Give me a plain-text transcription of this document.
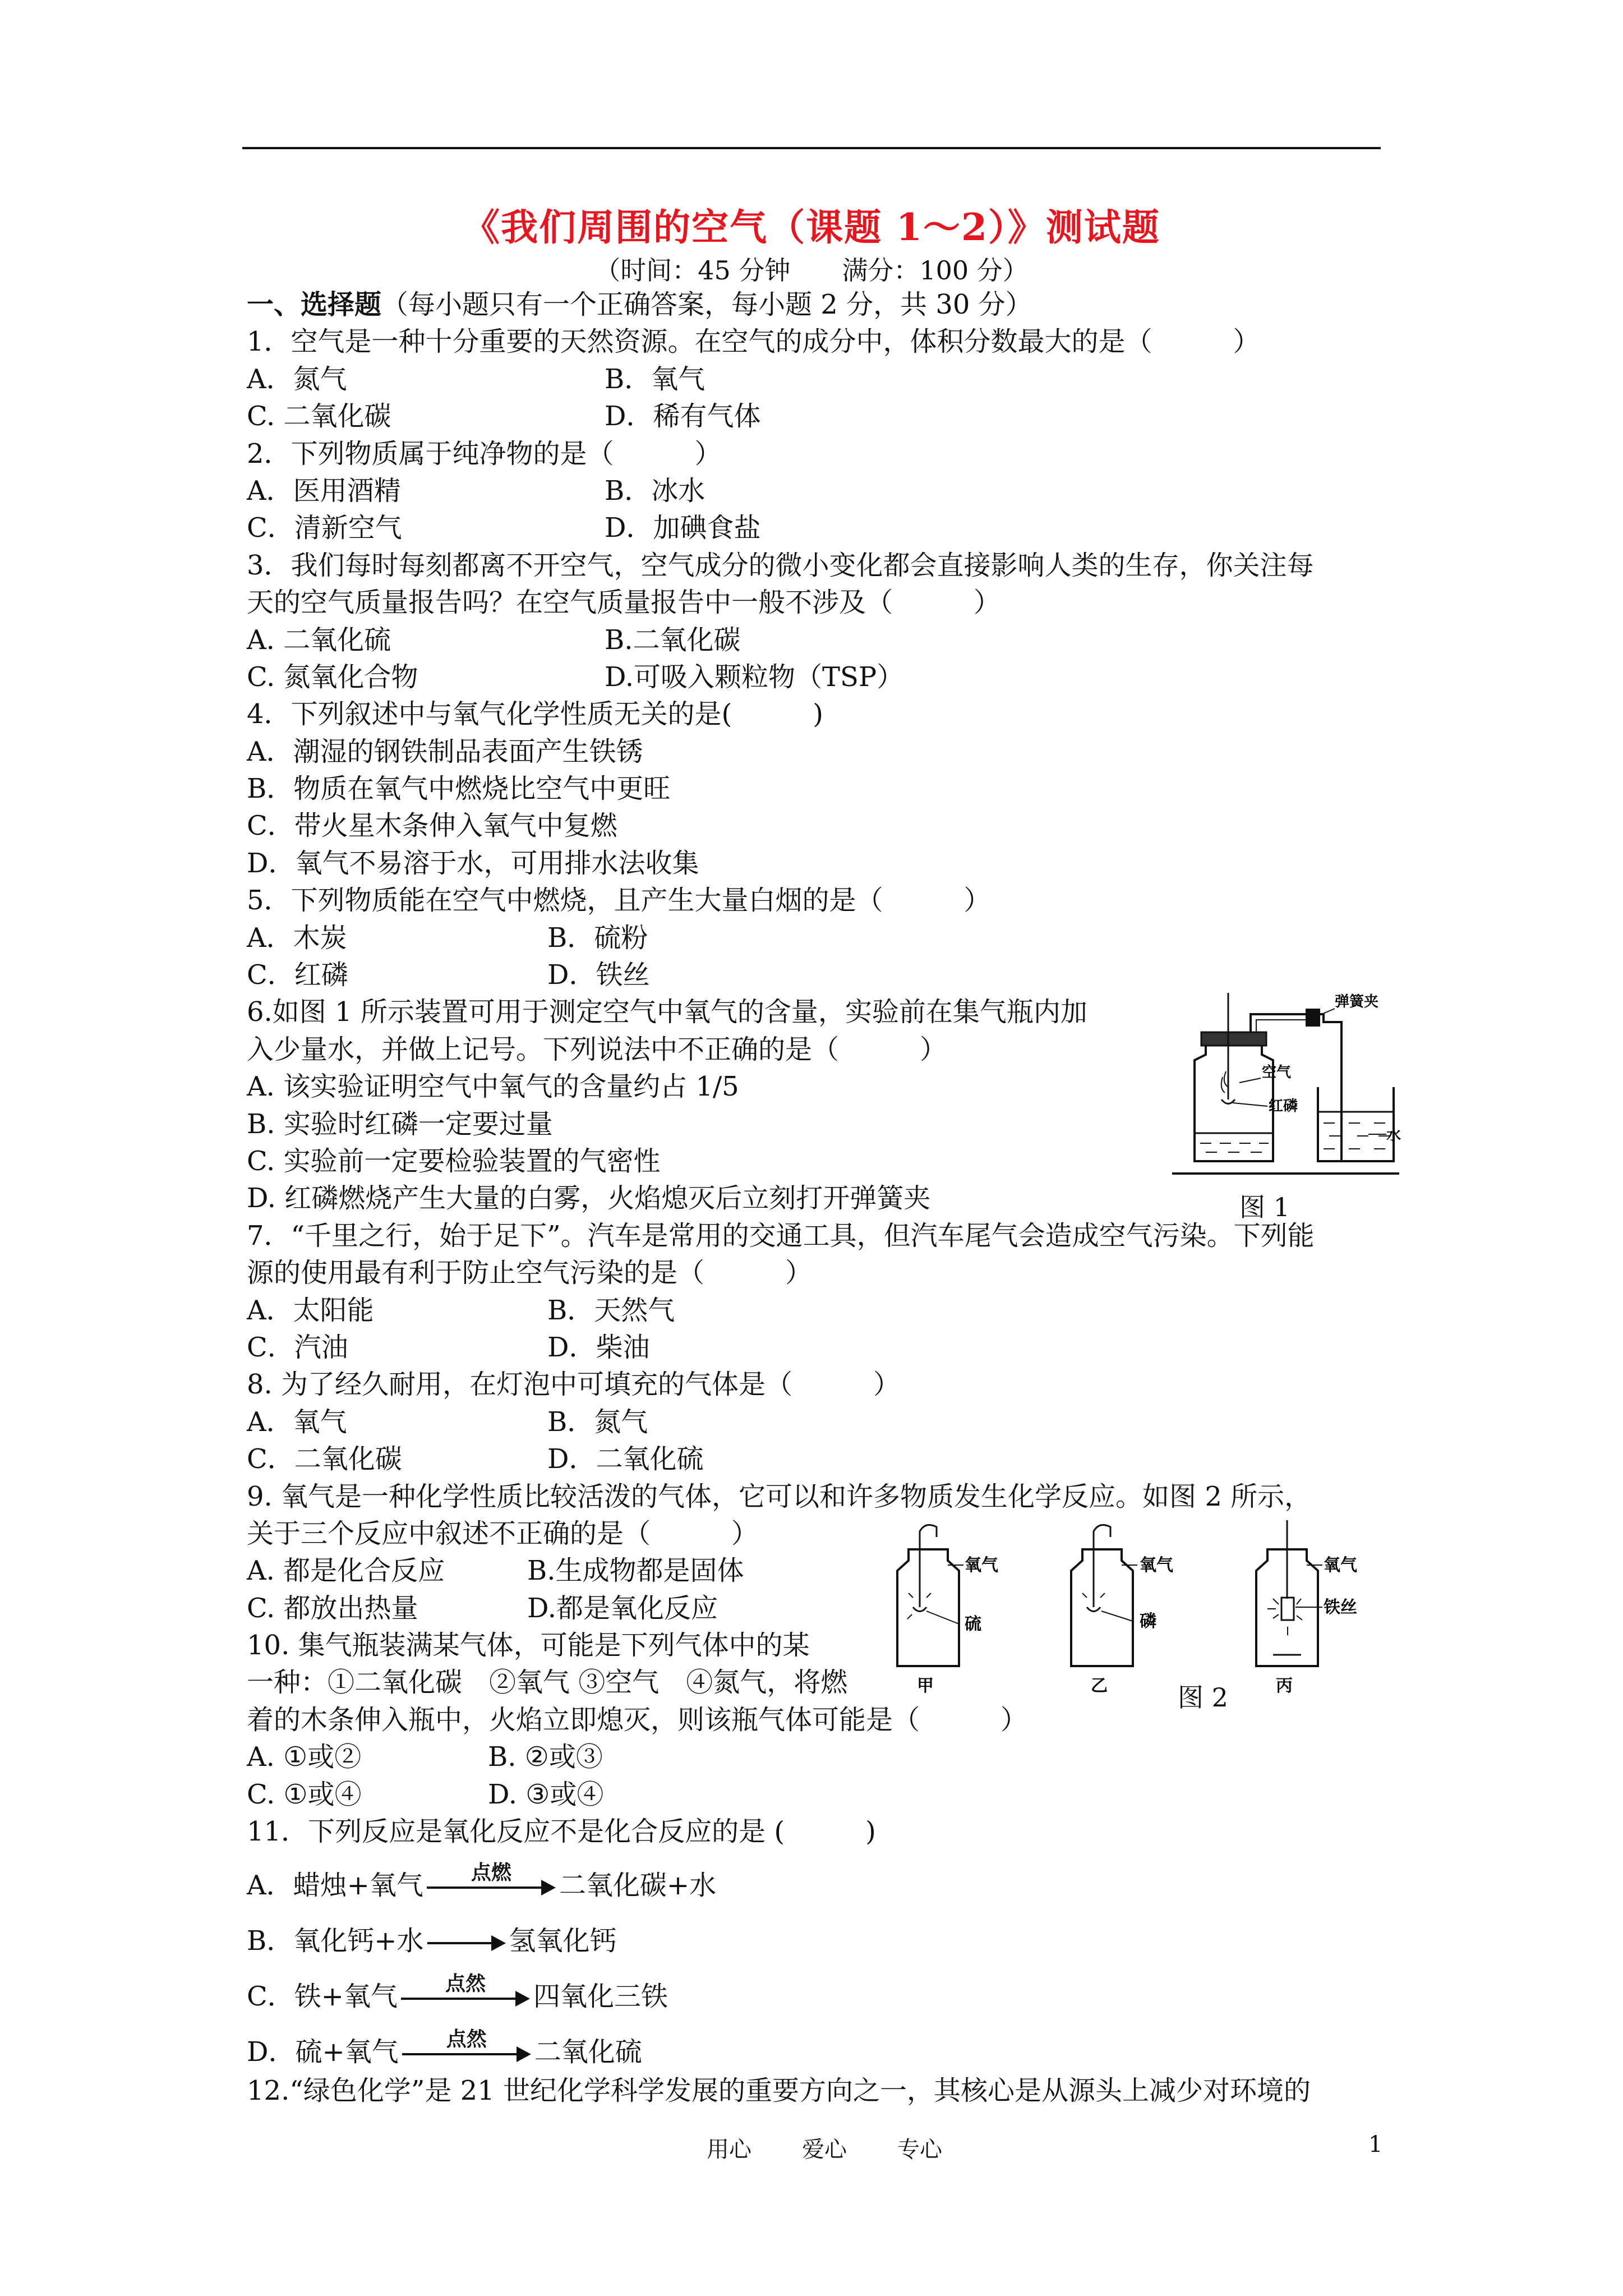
《我们周围的空气（课题 1～2）》测试题
（时间：45 分钟　　满分：100 分）
一、选择题（每小题只有一个正确答案，每小题 2 分，共 30 分）
1．空气是一种十分重要的天然资源。在空气的成分中，体积分数最大的是（　　　）
A．氮气	B．氧气
C. 二氧化碳	D．稀有气体
2．下列物质属于纯净物的是（　　　）
A．医用酒精	B．冰水
C．清新空气	D．加碘食盐
3．我们每时每刻都离不开空气，空气成分的微小变化都会直接影响人类的生存，你关注每
天的空气质量报告吗？在空气质量报告中一般不涉及（　　　）
A. 二氧化硫	B.二氧化碳
C. 氮氧化合物	D.可吸入颗粒物（TSP）
4．下列叙述中与氧气化学性质无关的是(　　　)
A．潮湿的钢铁制品表面产生铁锈
B．物质在氧气中燃烧比空气中更旺
C．带火星木条伸入氧气中复燃
D．氧气不易溶于水，可用排水法收集
5．下列物质能在空气中燃烧，且产生大量白烟的是（　　　）
A．木炭	B．硫粉
C．红磷	D．铁丝
6.如图 1 所示装置可用于测定空气中氧气的含量，实验前在集气瓶内加
入少量水，并做上记号。下列说法中不正确的是（　　　）
A. 该实验证明空气中氧气的含量约占 1/5
B. 实验时红磷一定要过量
C. 实验前一定要检验装置的气密性
D. 红磷燃烧产生大量的白雾，火焰熄灭后立刻打开弹簧夹
7．“千里之行，始于足下”。汽车是常用的交通工具，但汽车尾气会造成空气污染。下列能
源的使用最有利于防止空气污染的是（　　　）
A．太阳能	B．天然气
C．汽油	D．柴油
8. 为了经久耐用，在灯泡中可填充的气体是（　　　）
A．氧气	B．氮气
C．二氧化碳	D．二氧化硫
9. 氧气是一种化学性质比较活泼的气体，它可以和许多物质发生化学反应。如图 2 所示，
关于三个反应中叙述不正确的是（　　　）
A. 都是化合反应	B.生成物都是固体
C. 都放出热量	D.都是氧化反应
10. 集气瓶装满某气体，可能是下列气体中的某
一种：①二氧化碳　②氧气 ③空气　④氮气，将燃
着的木条伸入瓶中，火焰立即熄灭，则该瓶气体可能是（　　　）
A. ①或②	B. ②或③
C. ①或④	D. ③或④
11．下列反应是氧化反应不是化合反应的是 (　　　)
A．蜡烛+氧气	点燃	二氧化碳+水
B．氧化钙+水	氢氧化钙
C．铁+氧气	点然	四氧化三铁
D．硫+氧气	点然	二氧化硫
12.“绿色化学”是 21 世纪化学科学发展的重要方向之一，其核心是从源头上减少对环境的
弹簧夹
空气
红磷
水
图 1
氧气
硫
甲
氧气
磷
乙
氧气
铁丝
丙
图 2
用心 爱心 专心	1
